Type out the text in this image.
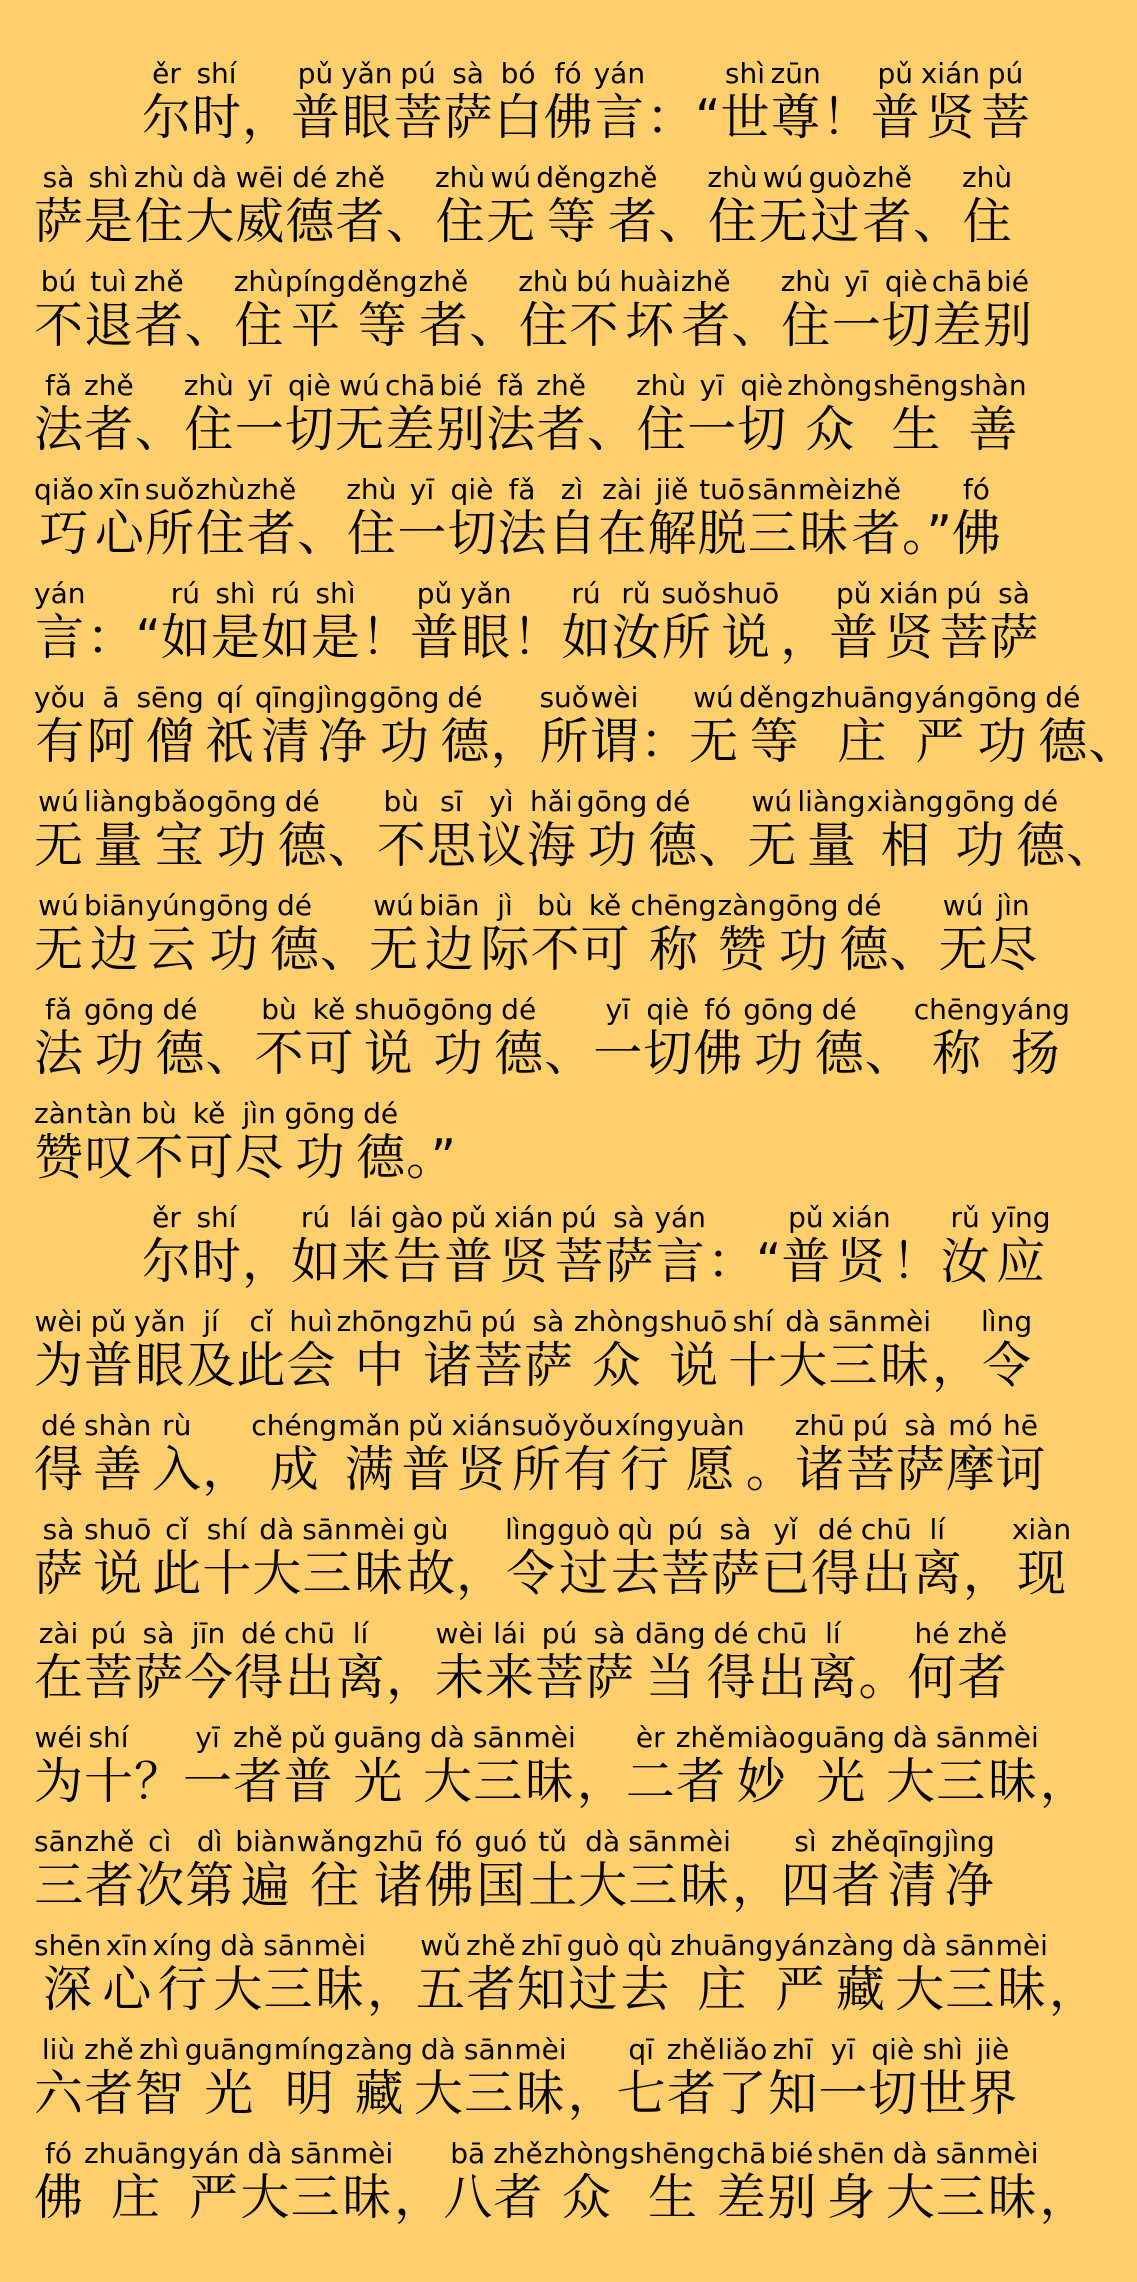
尔ěr
时shí
， 普pǔ
眼yǎn
菩pú
萨sà
白bó
佛fó
言yán
：“ 世shì
尊zūn
！ 普pǔ
贤xián
菩pú
萨sà
是shì
住zhù
大dà
威wēi
德dé
者zhě
、 住zhù
无wú
等děng
者zhě
、 住zhù
无wú
过guò
者zhě
、 住zhù
不bú
退tuì
者zhě
、 住zhù
平píng
等děng
者zhě
、 住zhù
不bú
坏huài
者zhě
、 住zhù
一yī
切qiè
差chā
别bié
法fǎ
者zhě
、 住zhù
一yī
切qiè
无wú
差chā
别bié
法fǎ
者zhě
、 住zhù
一yī
切qiè
众zhòng
生shēng
善shàn
巧qiǎo
心xīn
所suǒ
住zhù
者zhě
、 住zhù
一yī
切qiè
法fǎ
自zì
在zài
解jiě
脱tuō
三sān
昧mèi
者zhě
。” 佛fó
言yán
：“ 如rú
是shì
如rú
是shì
！ 普pǔ
眼yǎn
！ 如rú
汝rǔ
所suǒ
说shuō
， 普pǔ
贤xián
菩pú
萨sà
有yǒu
阿ā
僧sēng
祇qí
清qīng
净jìng
功gōng
德dé
， 所suǒ
谓wèi
： 无wú
等děng
庄zhuāng
严yán
功gōng
德dé
、
无wú
量liàng
宝bǎo
功gōng
德dé
、 不bù
思sī
议yì
海hǎi
功gōng
德dé
、 无wú
量liàng
相xiàng
功gōng
德dé
、
无wú
边biān
云yún
功gōng
德dé
、 无wú
边biān
际jì
不bù
可kě
称chēng
赞zàn
功gōng
德dé
、 无wú
尽jìn
法fǎ
功gōng
德dé
、 不bù
可kě
说shuō
功gōng
德dé
、 一yī
切qiè
佛fó
功gōng
德dé
、 称chēng
扬yáng
赞zàn
叹tàn
不bù
可kě
尽jìn
功gōng
德dé
。”
尔ěr
时shí
， 如rú
来lái
告gào
普pǔ
贤xián
菩pú
萨sà
言yán
：“ 普pǔ
贤xián
！ 汝rǔ
应yīng
为wèi
普pǔ
眼yǎn
及jí
此cǐ
会huì
中zhōng
诸zhū
菩pú
萨sà
众zhòng
说shuō
十shí
大dà
三sān
昧mèi
， 令lìng
得dé
善shàn
入rù
， 成chéng
满mǎn
普pǔ
贤xián
所suǒ
有yǒu
行xíng
愿yuàn
。 诸zhū
菩pú
萨sà
摩mó
诃hē
萨sà
说shuō
此cǐ
十shí
大dà
三sān
昧mèi
故gù
， 令lìng
过guò
去qù
菩pú
萨sà
已yǐ
得dé
出chū
离lí
， 现xiàn
在zài
菩pú
萨sà
今jīn
得dé
出chū
离lí
， 未wèi
来lái
菩pú
萨sà
当dāng
得dé
出chū
离lí
。 何hé
者zhě
为wéi
十shí
？ 一yī
者zhě
普pǔ
光guāng
大dà
三sān
昧mèi
， 二èr
者zhě
妙miào
光guāng
大dà
三sān
昧mèi
，
三sān
者zhě
次cì
第dì
遍biàn
往wǎng
诸zhū
佛fó
国guó
土tǔ
大dà
三sān
昧mèi
， 四sì
者zhě
清qīng
净jìng
深shēn
心xīn
行xíng
大dà
三sān
昧mèi
， 五wǔ
者zhě
知zhī
过guò
去qù
庄zhuāng
严yán
藏zàng
大dà
三sān
昧mèi
，
六liù
者zhě
智zhì
光guāng
明míng
藏zàng
大dà
三sān
昧mèi
， 七qī
者zhě
了liǎo
知zhī
一yī
切qiè
世shì
界jiè
佛fó
庄zhuāng
严yán
大dà
三sān
昧mèi
， 八bā
者zhě
众zhòng
生shēng
差chā
别bié
身shēn
大dà
三sān
昧mèi
，
